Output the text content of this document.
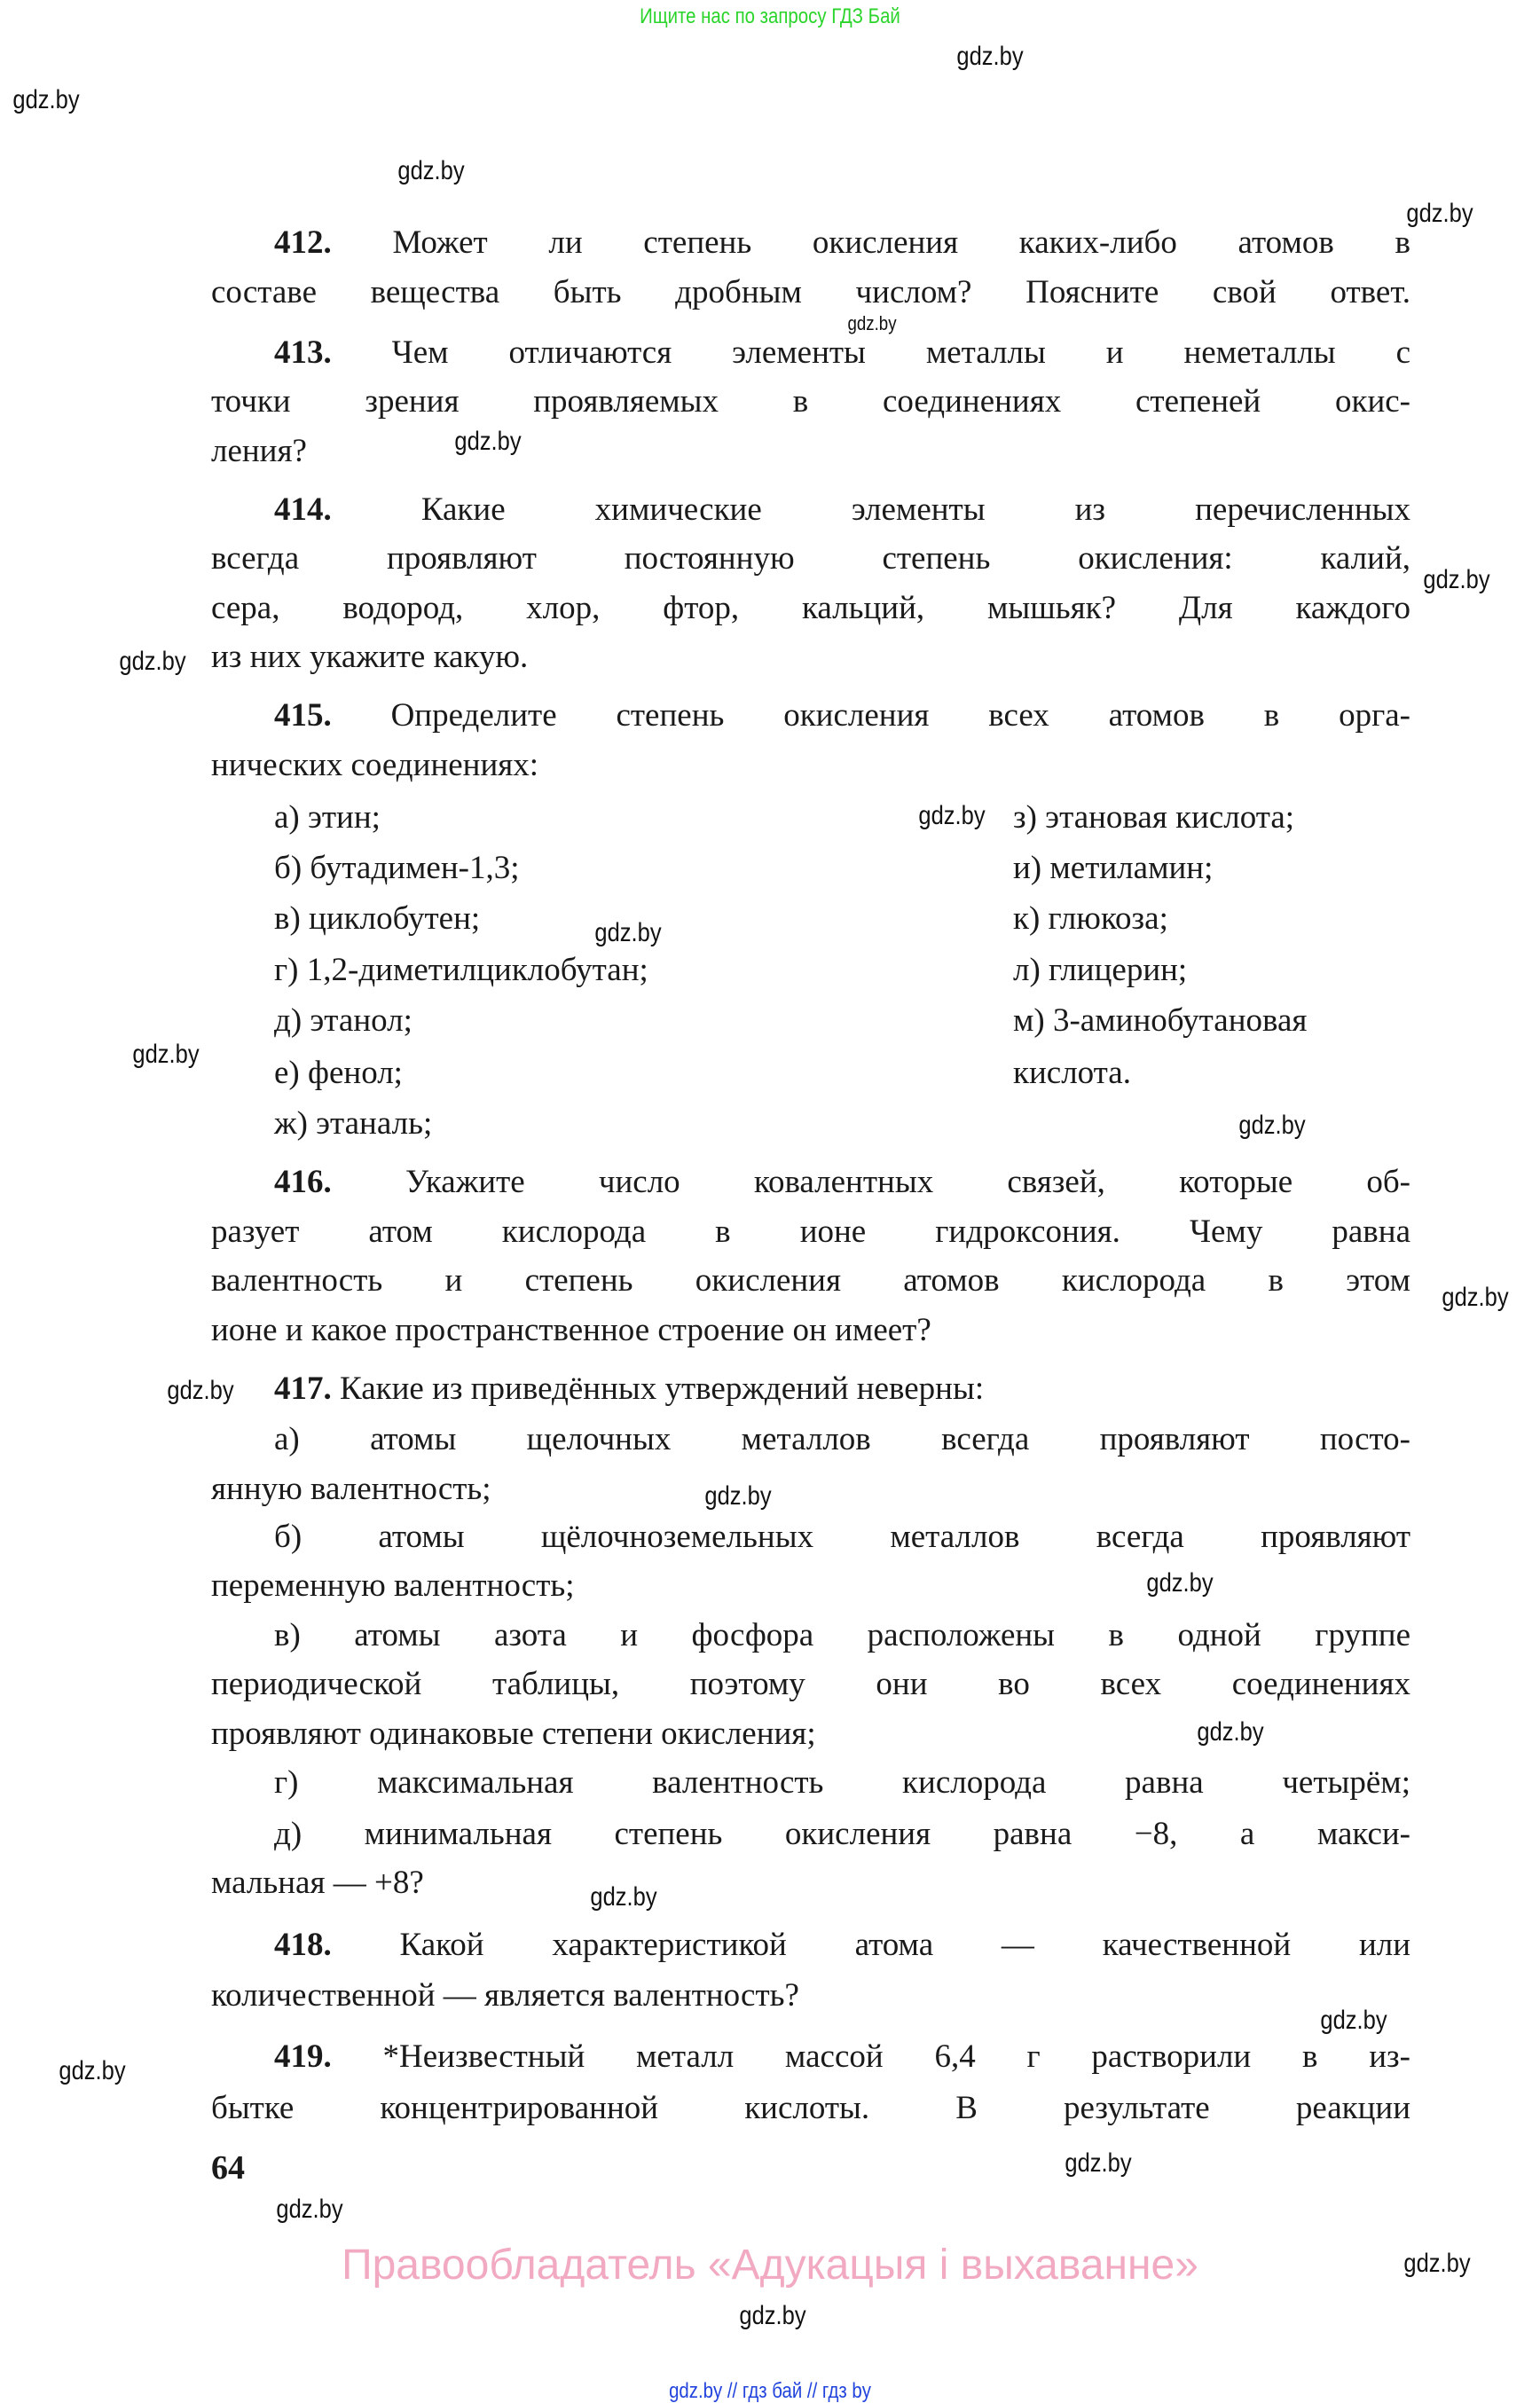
Ищите нас по запросу ГДЗ Бай
412. Может ли степень окисления каких-либо атомов в
составе вещества быть дробным числом? Поясните свой ответ.
413. Чем отличаются элементы металлы и неметаллы с
точки зрения проявляемых в соединениях степеней окис-
ления?
414.	Какие химические элементы из перечисленных
всегда проявляют постоянную степень окисления: калий,
сера, водород, хлор, фтор, кальций, мышьяк? Для каждого
из них укажите какую.
415. Определите степень окисления всех атомов в орга-
нических соединениях:
а) этин;
б) бутадимен-1,3;
в) циклобутен;
г) 1,2-диметилциклобутан;
д) этанол;
е) фенол;
ж) этаналь;
з) этановая кислота;
и) метиламин;
к) глюкоза;
л) глицерин;
м) 3-аминобутановая
кислота.
416. Укажите число ковалентных связей, которые об-
разует атом кислорода в ионе гидроксония. Чему равна
валентность и степень окисления атомов кислорода в этом
ионе и какое пространственное строение он имеет?
417. Какие из приведённых утверждений неверны:
а) атомы щелочных металлов всегда проявляют посто-
янную валентность;
б) атомы щёлочноземельных металлов всегда проявляют
переменную валентность;
в) атомы азота и фосфора расположены в одной группе
периодической таблицы, поэтому они во всех соединениях
проявляют одинаковые степени окисления;
г) максимальная валентность кислорода равна четырём;
д) минимальная степень окисления равна −8, а макси-
мальная — +8?
418. Какой характеристикой атома — качественной или
количественной — является валентность?
419. *Неизвестный металл массой 6,4 г растворили в из-
бытке концентрированной кислоты. В результате реакции
64
Правообладатель «Адукацыя і выхаванне»
gdz.by // гдз бай // гдз by
gdz.by
gdz.by
gdz.by
gdz.by
gdz.by
gdz.by
gdz.by
gdz.by
gdz.by
gdz.by
gdz.by
gdz.by
gdz.by
gdz.by
gdz.by
gdz.by
gdz.by
gdz.by
gdz.by
gdz.by
gdz.by
gdz.by
gdz.by
gdz.by
